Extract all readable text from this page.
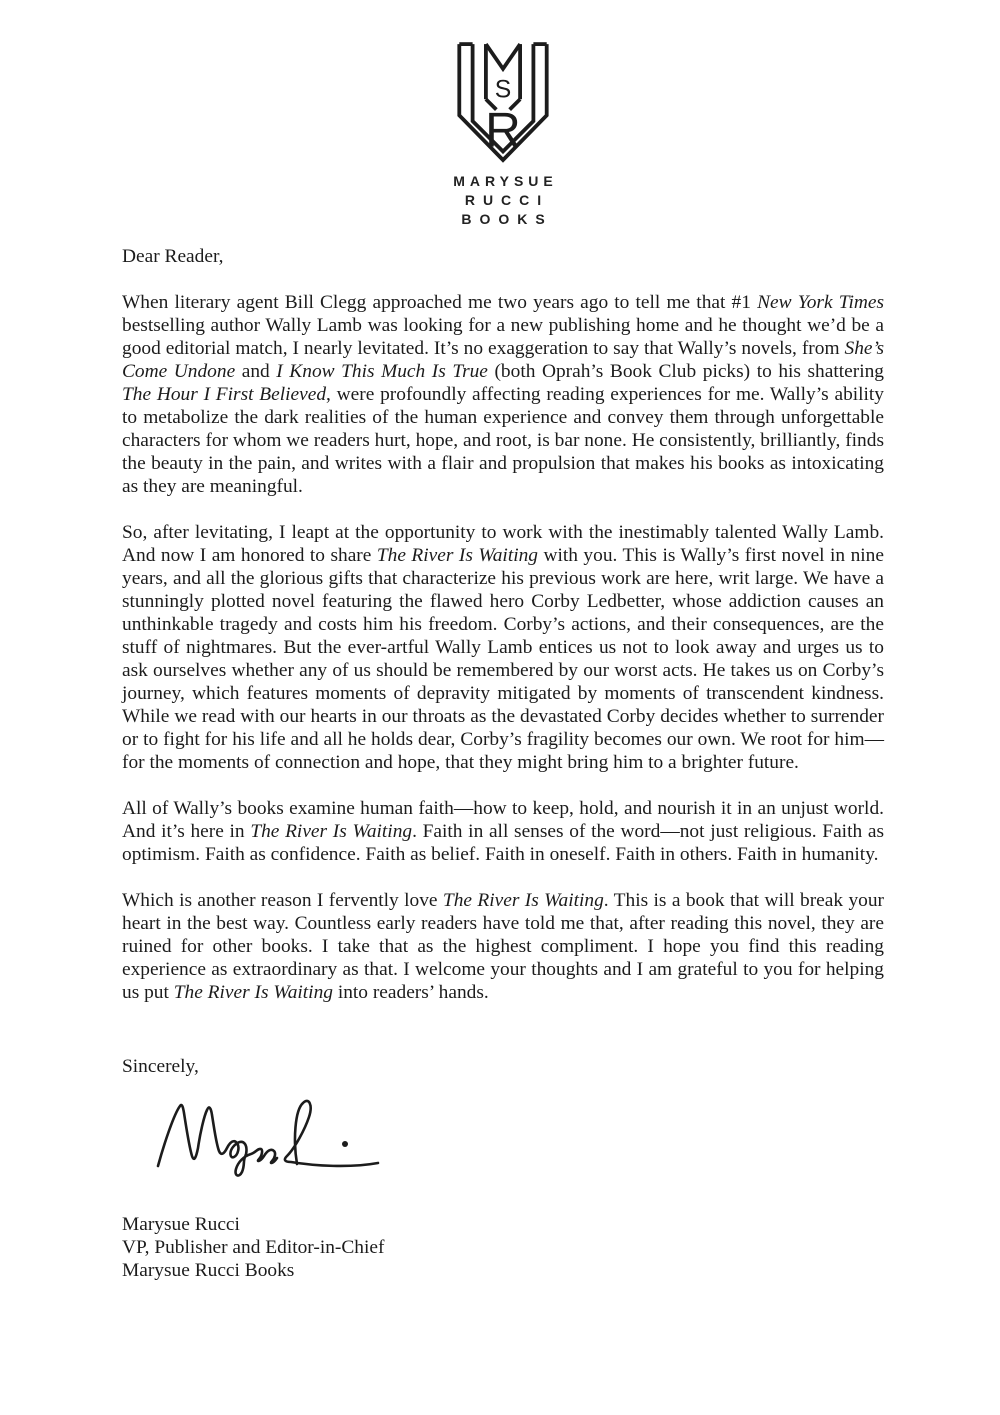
S
R
MARYSUE
RUCCI
BOOKS

Dear Reader,

When literary agent Bill Clegg approached me two years ago to tell me that #1 New York Times bestselling author Wally Lamb was looking for a new publishing home and he thought we’d be a good editorial match, I nearly levitated. It’s no exaggeration to say that Wally’s novels, from She’s Come Undone and I Know This Much Is True (both Oprah’s Book Club picks) to his shattering The Hour I First Believed, were profoundly affecting reading experiences for me. Wally’s ability to metabolize the dark realities of the human experience and convey them through unforgettable characters for whom we readers hurt, hope, and root, is bar none. He consistently, brilliantly, finds the beauty in the pain, and writes with a flair and propulsion that makes his books as intoxicating as they are meaningful.

So, after levitating, I leapt at the opportunity to work with the inestimably talented Wally Lamb. And now I am honored to share The River Is Waiting with you. This is Wally’s first novel in nine years, and all the glorious gifts that characterize his previous work are here, writ large. We have a stunningly plotted novel featuring the flawed hero Corby Ledbetter, whose addiction causes an unthinkable tragedy and costs him his freedom. Corby’s actions, and their consequences, are the stuff of nightmares. But the ever-artful Wally Lamb entices us not to look away and urges us to ask ourselves whether any of us should be remembered by our worst acts. He takes us on Corby’s journey, which features moments of depravity mitigated by moments of transcendent kindness. While we read with our hearts in our throats as the devastated Corby decides whether to surrender or to fight for his life and all he holds dear, Corby’s fragility becomes our own. We root for him—for the moments of connection and hope, that they might bring him to a brighter future.

All of Wally’s books examine human faith—how to keep, hold, and nourish it in an unjust world. And it’s here in The River Is Waiting. Faith in all senses of the word—not just religious. Faith as optimism. Faith as confidence. Faith as belief. Faith in oneself. Faith in others. Faith in humanity.

Which is another reason I fervently love The River Is Waiting. This is a book that will break your heart in the best way. Countless early readers have told me that, after reading this novel, they are ruined for other books. I take that as the highest compliment. I hope you find this reading experience as extraordinary as that. I welcome your thoughts and I am grateful to you for helping us put The River Is Waiting into readers’ hands.

Sincerely,

Marysue Rucci
VP, Publisher and Editor-in-Chief
Marysue Rucci Books
